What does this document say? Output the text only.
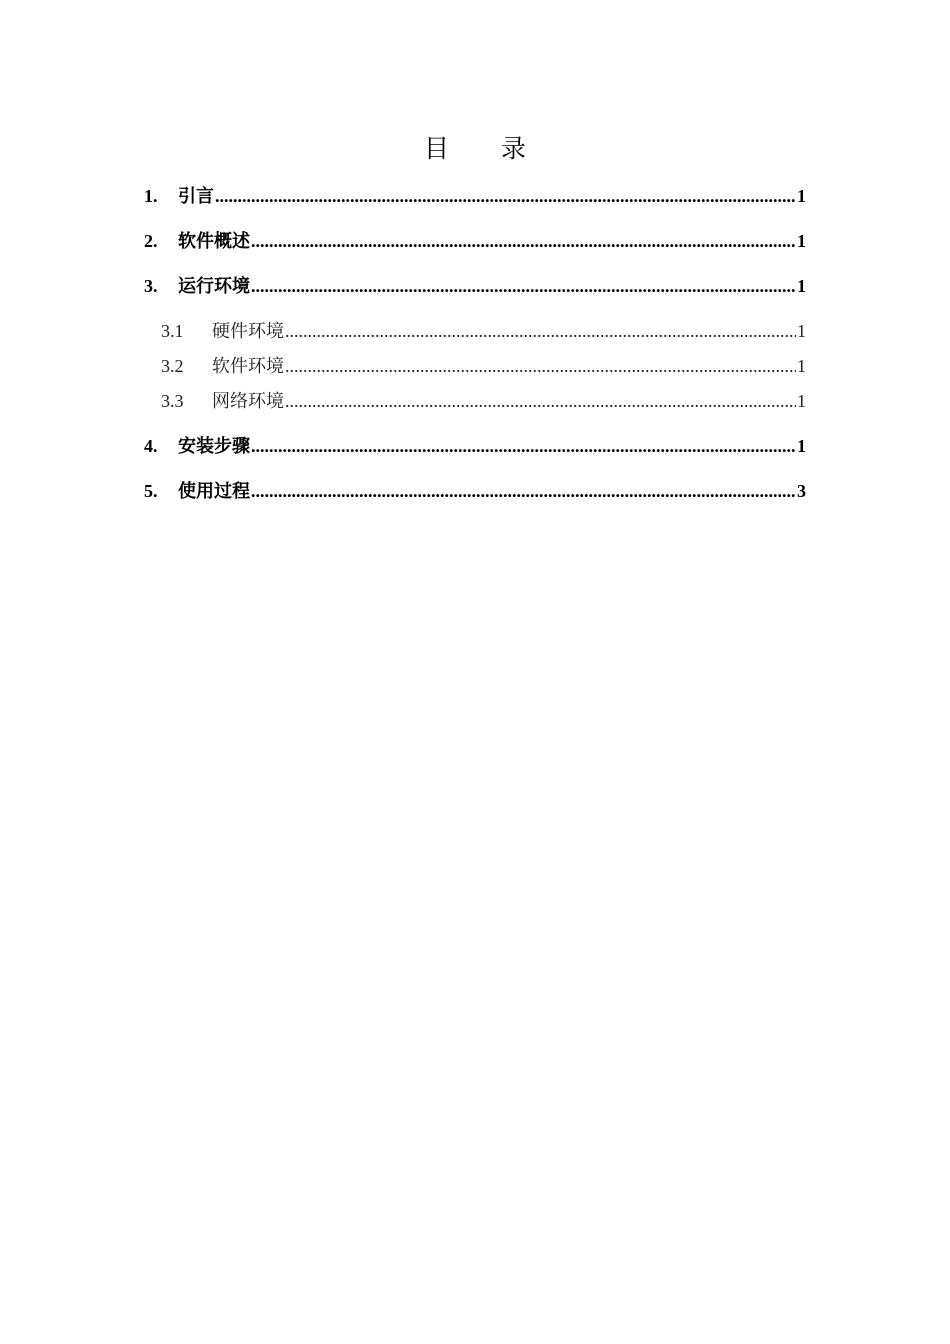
目 录
1.	引言 .....	1
2.	软件概述 .....	1
3.	运行环境 .....	1
3.1	硬件环境 .....	1
3.2	软件环境 .....	1
3.3	网络环境 .....	1
4.	安装步骤 .....	1
5.	使用过程 .....	3
